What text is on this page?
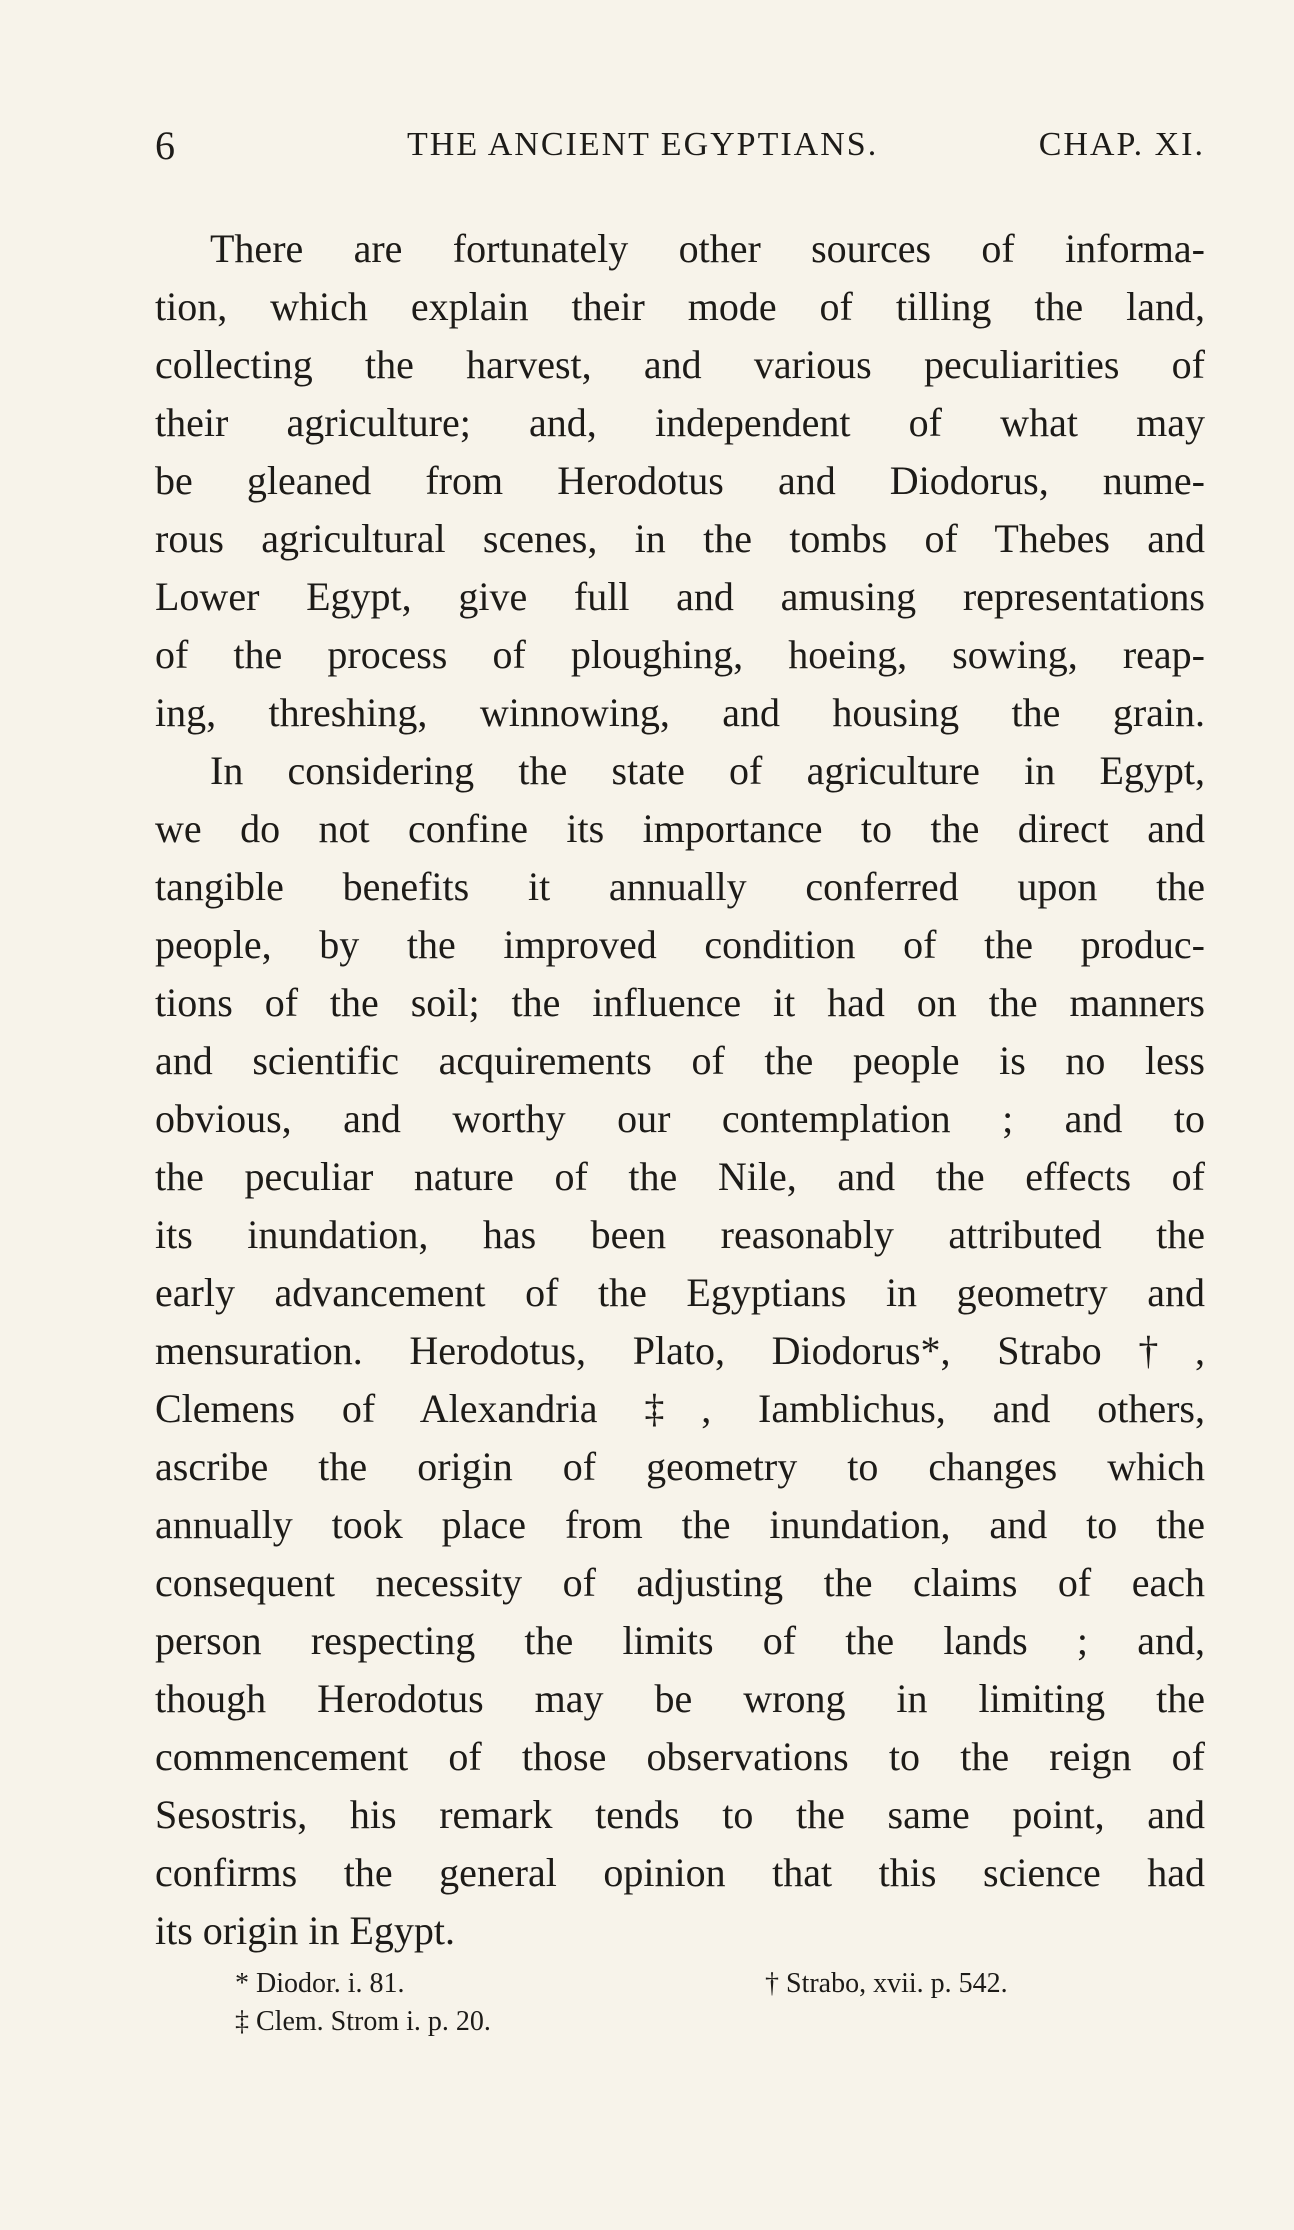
6	THE ANCIENT EGYPTIANS.	CHAP. XI.
There are fortunately other sources of informa-
tion, which explain their mode of tilling the land,
collecting the harvest, and various peculiarities of
their agriculture; and, independent of what may
be gleaned from Herodotus and Diodorus, nume-
rous agricultural scenes, in the tombs of Thebes and
Lower Egypt, give full and amusing representations
of the process of ploughing, hoeing, sowing, reap-
ing, threshing, winnowing, and housing the grain.
In considering the state of agriculture in Egypt,
we do not confine its importance to the direct and
tangible benefits it annually conferred upon the
people, by the improved condition of the produc-
tions of the soil; the influence it had on the manners
and scientific acquirements of the people is no less
obvious, and worthy our contemplation ; and to
the peculiar nature of the Nile, and the effects of
its inundation, has been reasonably attributed the
early advancement of the Egyptians in geometry and
mensuration. Herodotus, Plato, Diodorus*, Strabo†,
Clemens of Alexandria ‡, Iamblichus, and others,
ascribe the origin of geometry to changes which
annually took place from the inundation, and to the
consequent necessity of adjusting the claims of each
person respecting the limits of the lands ; and,
though Herodotus may be wrong in limiting the
commencement of those observations to the reign of
Sesostris, his remark tends to the same point, and
confirms the general opinion that this science had
its origin in Egypt.
* Diodor. i. 81.	† Strabo, xvii. p. 542.
‡ Clem. Strom i. p. 20.
